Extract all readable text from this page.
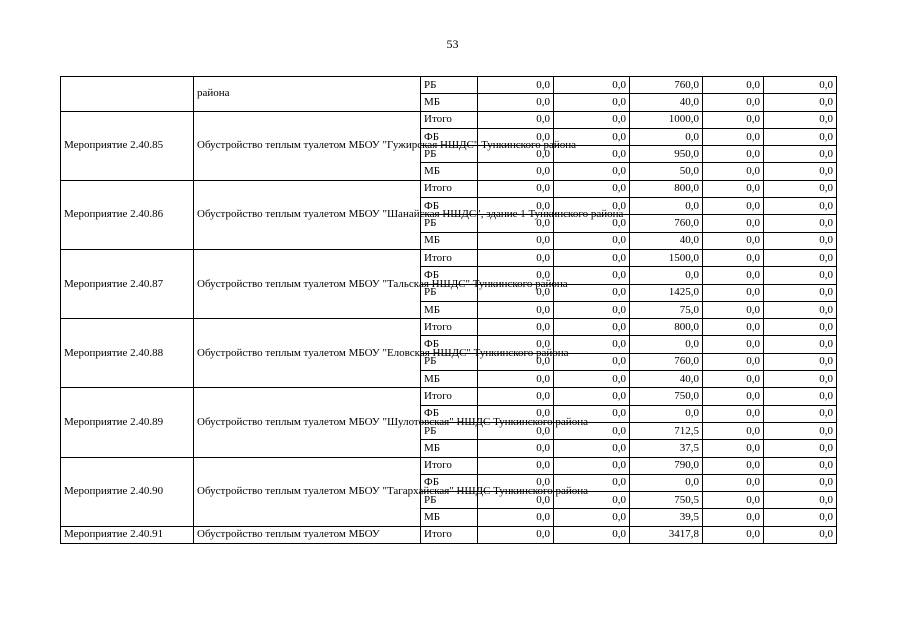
53
	района	РБ	0,0	0,0	760,0	0,0	0,0
		МБ	0,0	0,0	40,0	0,0	0,0
Мероприятие 2.40.85	Обустройство теплым туалетом МБОУ "Гужирская НШДС" Тункинского района	Итого	0,0	0,0	1000,0	0,0	0,0
		ФБ	0,0	0,0	0,0	0,0	0,0
		РБ	0,0	0,0	950,0	0,0	0,0
		МБ	0,0	0,0	50,0	0,0	0,0
Мероприятие 2.40.86	Обустройство теплым туалетом МБОУ "Шанайская НШДС", здание 1 Тункинского района	Итого	0,0	0,0	800,0	0,0	0,0
		ФБ	0,0	0,0	0,0	0,0	0,0
		РБ	0,0	0,0	760,0	0,0	0,0
		МБ	0,0	0,0	40,0	0,0	0,0
Мероприятие 2.40.87	Обустройство теплым туалетом МБОУ "Тальская НШДС" Тункинского района	Итого	0,0	0,0	1500,0	0,0	0,0
		ФБ	0,0	0,0	0,0	0,0	0,0
		РБ	0,0	0,0	1425,0	0,0	0,0
		МБ	0,0	0,0	75,0	0,0	0,0
Мероприятие 2.40.88	Обустройство теплым туалетом МБОУ "Еловская НШДС" Тункинского района	Итого	0,0	0,0	800,0	0,0	0,0
		ФБ	0,0	0,0	0,0	0,0	0,0
		РБ	0,0	0,0	760,0	0,0	0,0
		МБ	0,0	0,0	40,0	0,0	0,0
Мероприятие 2.40.89	Обустройство теплым туалетом МБОУ "Шулотовская" НШДС Тункинского района	Итого	0,0	0,0	750,0	0,0	0,0
		ФБ	0,0	0,0	0,0	0,0	0,0
		РБ	0,0	0,0	712,5	0,0	0,0
		МБ	0,0	0,0	37,5	0,0	0,0
Мероприятие 2.40.90	Обустройство теплым туалетом МБОУ "Тагархайская" НШДС Тункинского района	Итого	0,0	0,0	790,0	0,0	0,0
		ФБ	0,0	0,0	0,0	0,0	0,0
		РБ	0,0	0,0	750,5	0,0	0,0
		МБ	0,0	0,0	39,5	0,0	0,0
Мероприятие 2.40.91	Обустройство теплым туалетом МБОУ	Итого	0,0	0,0	3417,8	0,0	0,0
